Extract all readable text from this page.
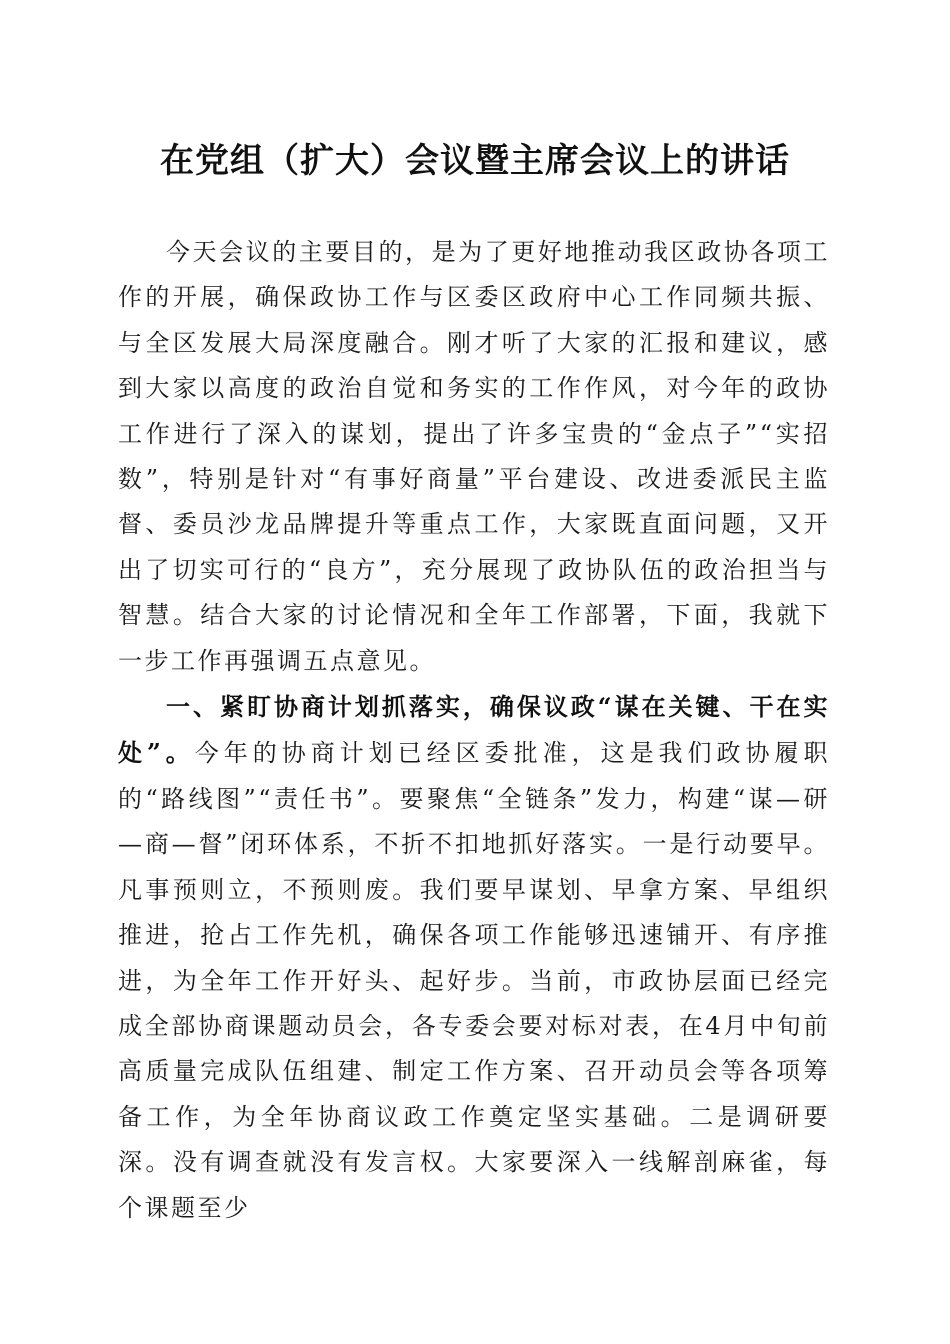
在党组（扩大）会议暨主席会议上的讲话

今天会议的主要目的，是为了更好地推动我区政协各项工作的开展，确保政协工作与区委区政府中心工作同频共振、与全区发展大局深度融合。刚才听了大家的汇报和建议，感到大家以高度的政治自觉和务实的工作作风，对今年的政协工作进行了深入的谋划，提出了许多宝贵的“金点子”“实招数”，特别是针对“有事好商量”平台建设、改进委派民主监督、委员沙龙品牌提升等重点工作，大家既直面问题，又开出了切实可行的“良方”，充分展现了政协队伍的政治担当与智慧。结合大家的讨论情况和全年工作部署，下面，我就下一步工作再强调五点意见。

一、紧盯协商计划抓落实，确保议政“谋在关键、干在实处”。今年的协商计划已经区委批准，这是我们政协履职的“路线图”“责任书”。要聚焦“全链条”发力，构建“谋—研—商—督”闭环体系，不折不扣地抓好落实。一是行动要早。凡事预则立，不预则废。我们要早谋划、早拿方案、早组织推进，抢占工作先机，确保各项工作能够迅速铺开、有序推进，为全年工作开好头、起好步。当前，市政协层面已经完成全部协商课题动员会，各专委会要对标对表，在4月中旬前高质量完成队伍组建、制定工作方案、召开动员会等各项筹备工作，为全年协商议政工作奠定坚实基础。二是调研要深。没有调查就没有发言权。大家要深入一线解剖麻雀，每个课题至少
